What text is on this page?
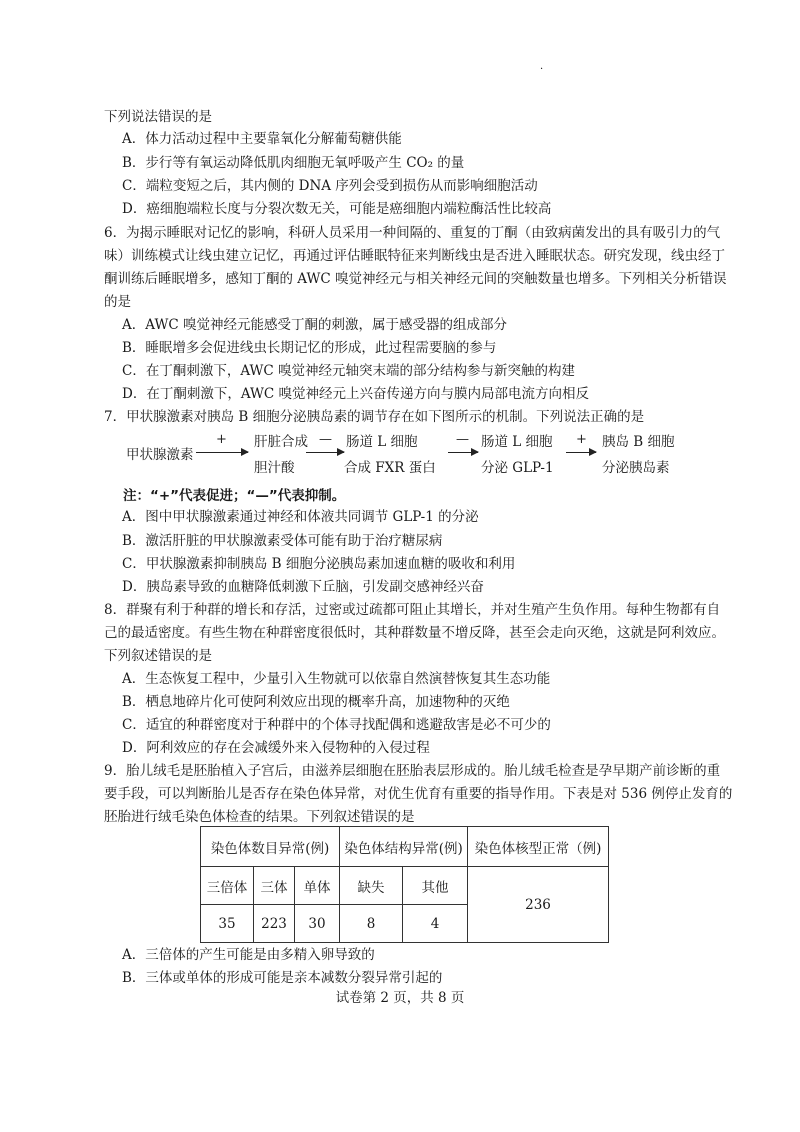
·
下列说法错误的是
A．体力活动过程中主要靠氧化分解葡萄糖供能
B．步行等有氧运动降低肌肉细胞无氧呼吸产生 CO₂ 的量
C．端粒变短之后，其内侧的 DNA 序列会受到损伤从而影响细胞活动
D．癌细胞端粒长度与分裂次数无关，可能是癌细胞内端粒酶活性比较高
6．为揭示睡眠对记忆的影响，科研人员采用一种间隔的、重复的丁酮（由致病菌发出的具有吸引力的气
味）训练模式让线虫建立记忆，再通过评估睡眠特征来判断线虫是否进入睡眠状态。研究发现，线虫经丁
酮训练后睡眠增多，感知丁酮的 AWC 嗅觉神经元与相关神经元间的突触数量也增多。下列相关分析错误
的是
A．AWC 嗅觉神经元能感受丁酮的刺激，属于感受器的组成部分
B．睡眠增多会促进线虫长期记忆的形成，此过程需要脑的参与
C．在丁酮刺激下，AWC 嗅觉神经元轴突末端的部分结构参与新突触的构建
D．在丁酮刺激下，AWC 嗅觉神经元上兴奋传递方向与膜内局部电流方向相反
7．甲状腺激素对胰岛 B 细胞分泌胰岛素的调节存在如下图所示的机制。下列说法正确的是
甲状腺激素
+ 肝脏合成
胆汁酸
— 肠道 L 细胞
合成 FXR 蛋白
— 肠道 L 细胞
分泌 GLP-1
+ 胰岛 B 细胞
分泌胰岛素
注：“+”代表促进；“—”代表抑制。
A．图中甲状腺激素通过神经和体液共同调节 GLP-1 的分泌
B．激活肝脏的甲状腺激素受体可能有助于治疗糖尿病
C．甲状腺激素抑制胰岛 B 细胞分泌胰岛素加速血糖的吸收和利用
D．胰岛素导致的血糖降低刺激下丘脑，引发副交感神经兴奋
8．群聚有利于种群的增长和存活，过密或过疏都可阻止其增长，并对生殖产生负作用。每种生物都有自
己的最适密度。有些生物在种群密度很低时，其种群数量不增反降，甚至会走向灭绝，这就是阿利效应。
下列叙述错误的是
A．生态恢复工程中，少量引入生物就可以依靠自然演替恢复其生态功能
B．栖息地碎片化可使阿利效应出现的概率升高，加速物种的灭绝
C．适宜的种群密度对于种群中的个体寻找配偶和逃避敌害是必不可少的
D．阿利效应的存在会减缓外来入侵物种的入侵过程
9．胎儿绒毛是胚胎植入子宫后，由滋养层细胞在胚胎表层形成的。胎儿绒毛检查是孕早期产前诊断的重
要手段，可以判断胎儿是否存在染色体异常，对优生优育有重要的指导作用。下表是对 536 例停止发育的
胚胎进行绒毛染色体检查的结果。下列叙述错误的是
染色体数目异常(例)			染色体结构异常(例)		染色体核型正常（例)
三倍体	三体	单体	缺失	其他	236
35	223	30	8	4	
A．三倍体的产生可能是由多精入卵导致的
B．三体或单体的形成可能是亲本减数分裂异常引起的
试卷第 2 页，共 8 页
